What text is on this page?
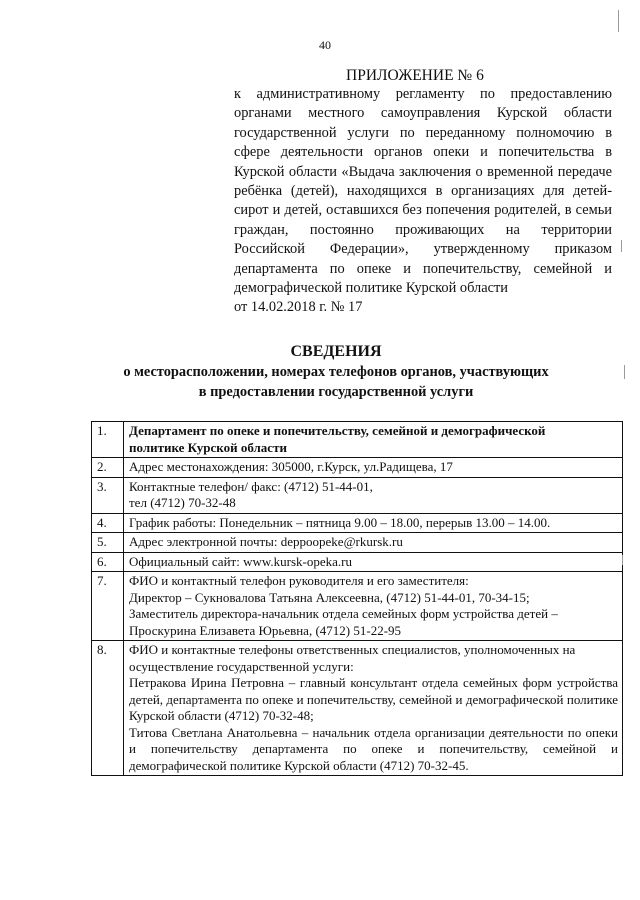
40
ПРИЛОЖЕНИЕ № 6
к административному регламенту по предоставлению органами местного самоуправления Курской области государственной услуги по переданному полномочию в сфере деятельности органов опеки и попечительства в Курской области «Выдача заключения о временной передаче ребёнка (детей), находящихся в организациях для детей-сирот и детей, оставшихся без попечения родителей, в семьи граждан, постоянно проживающих на территории Российской Федерации», утвержденному приказом департамента по опеке и попечительству, семейной и демографической политике Курской области
от 14.02.2018 г. № 17
СВЕДЕНИЯ
о месторасположении, номерах телефонов органов, участвующих
в предоставлении государственной услуги
1.	Департамент по опеке и попечительству, семейной и демографической
политике Курской области

2.	Адрес местонахождения: 305000, г.Курск, ул.Радищева, 17

3.	Контактные телефон/ факс: (4712) 51-44-01,
тел (4712) 70-32-48

4.	График работы: Понедельник – пятница 9.00 – 18.00, перерыв 13.00 – 14.00.

5.	Адрес электронной почты: deppoopeke@rkursk.ru

6.	Официальный сайт: www.kursk-opeka.ru

7.	ФИО и контактный телефон руководителя и его заместителя:
Директор – Сукновалова Татьяна Алексеевна, (4712) 51-44-01, 70-34-15;
Заместитель директора-начальник отдела семейных форм устройства детей –
Проскурина Елизавета Юрьевна, (4712) 51-22-95

8.	ФИО и контактные телефоны ответственных специалистов, уполномоченных на осуществление государственной услуги:
Петракова Ирина Петровна – главный консультант отдела семейных форм устройства детей, департамента по опеке и попечительству, семейной и демографической политике Курской области (4712) 70-32-48;
Титова Светлана Анатольевна – начальник отдела организации деятельности по опеки и попечительству департамента по опеке и попечительству, семейной и демографической политике Курской области (4712) 70-32-45.
